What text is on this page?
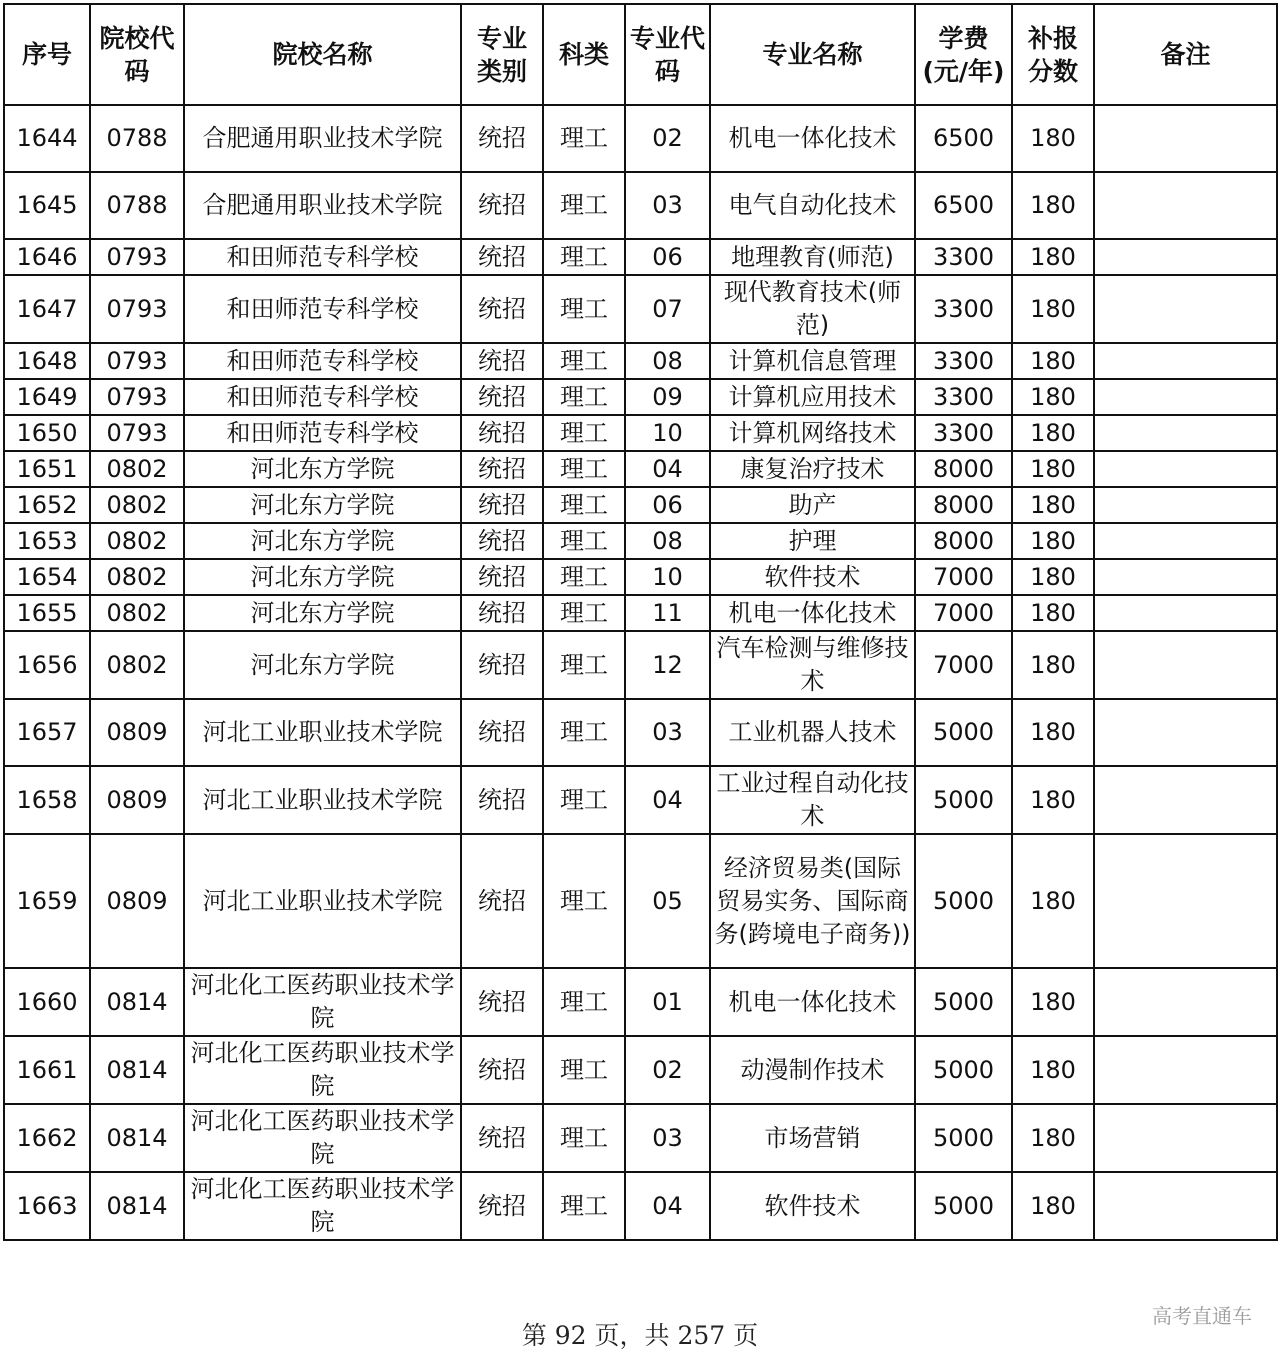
序号	院校代码	院校名称	专业类别	科类	专业代码	专业名称	学费(元/年)	补报分数	备注
1644	0788	合肥通用职业技术学院	统招	理工	02	机电一体化技术	6500	180	
1645	0788	合肥通用职业技术学院	统招	理工	03	电气自动化技术	6500	180	
1646	0793	和田师范专科学校	统招	理工	06	地理教育(师范)	3300	180	
1647	0793	和田师范专科学校	统招	理工	07	现代教育技术(师范)	3300	180	
1648	0793	和田师范专科学校	统招	理工	08	计算机信息管理	3300	180	
1649	0793	和田师范专科学校	统招	理工	09	计算机应用技术	3300	180	
1650	0793	和田师范专科学校	统招	理工	10	计算机网络技术	3300	180	
1651	0802	河北东方学院	统招	理工	04	康复治疗技术	8000	180	
1652	0802	河北东方学院	统招	理工	06	助产	8000	180	
1653	0802	河北东方学院	统招	理工	08	护理	8000	180	
1654	0802	河北东方学院	统招	理工	10	软件技术	7000	180	
1655	0802	河北东方学院	统招	理工	11	机电一体化技术	7000	180	
1656	0802	河北东方学院	统招	理工	12	汽车检测与维修技术	7000	180	
1657	0809	河北工业职业技术学院	统招	理工	03	工业机器人技术	5000	180	
1658	0809	河北工业职业技术学院	统招	理工	04	工业过程自动化技术	5000	180	
1659	0809	河北工业职业技术学院	统招	理工	05	经济贸易类(国际贸易实务、国际商务(跨境电子商务))	5000	180	
1660	0814	河北化工医药职业技术学院	统招	理工	01	机电一体化技术	5000	180	
1661	0814	河北化工医药职业技术学院	统招	理工	02	动漫制作技术	5000	180	
1662	0814	河北化工医药职业技术学院	统招	理工	03	市场营销	5000	180	
1663	0814	河北化工医药职业技术学院	统招	理工	04	软件技术	5000	180	
第 92 页，共 257 页
高考直通车
